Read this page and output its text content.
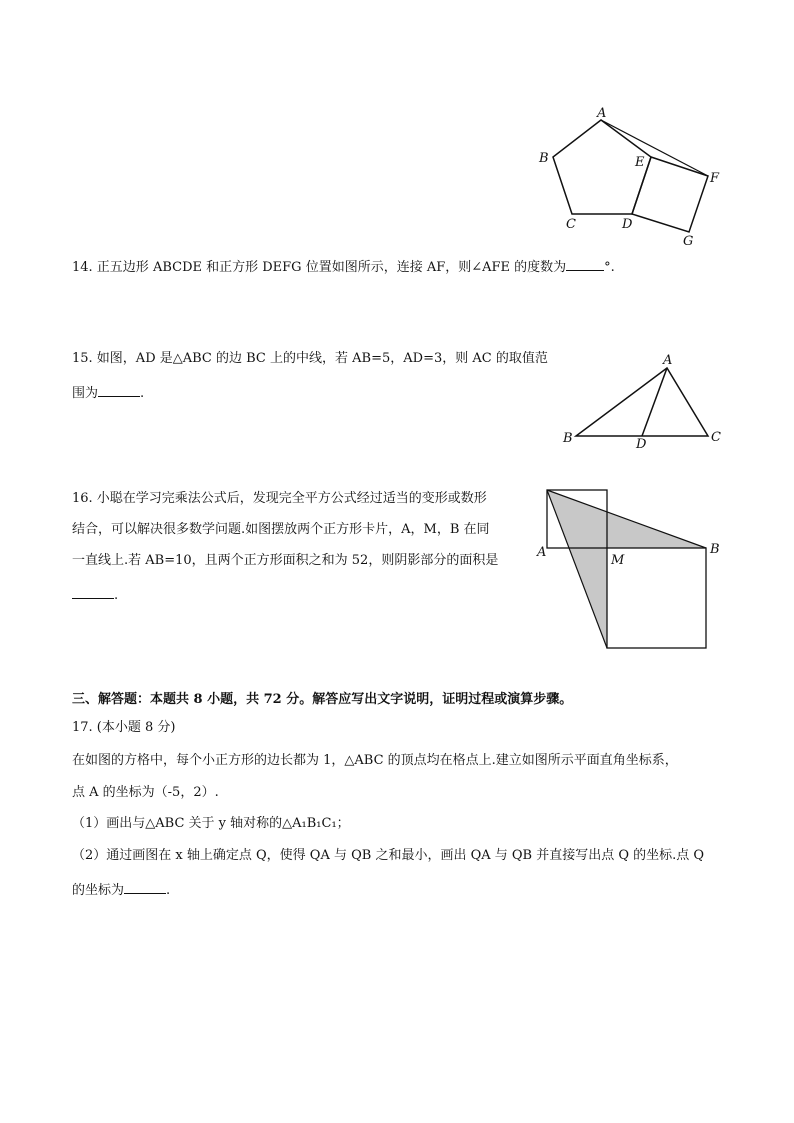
A
B
C	D
E
F
G
14. 正五边形 ABCDE 和正方形 DEFG 位置如图所示，连接 AF，则∠AFE 的度数为	°.
15. 如图，AD 是△ABC 的边 BC 上的中线，若 AB=5，AD=3，则 AC 的取值范
围为	.
A
B	C
D
16. 小聪在学习完乘法公式后，发现完全平方公式经过适当的变形或数形
结合，可以解决很多数学问题.如图摆放两个正方形卡片，A，M，B 在同
一直线上.若 AB=10，且两个正方形面积之和为 52，则阴影部分的面积是
.
A
M
B
三、解答题：本题共 8 小题，共 72 分。解答应写出文字说明，证明过程或演算步骤。
17. (本小题 8 分)
在如图的方格中，每个小正方形的边长都为 1，△ABC 的顶点均在格点上.建立如图所示平面直角坐标系，
点 A 的坐标为（-5，2）.
（1）画出与△ABC 关于 y 轴对称的△A₁B₁C₁；
（2）通过画图在 x 轴上确定点 Q，使得 QA 与 QB 之和最小，画出 QA 与 QB 并直接写出点 Q 的坐标.点 Q
的坐标为	.
